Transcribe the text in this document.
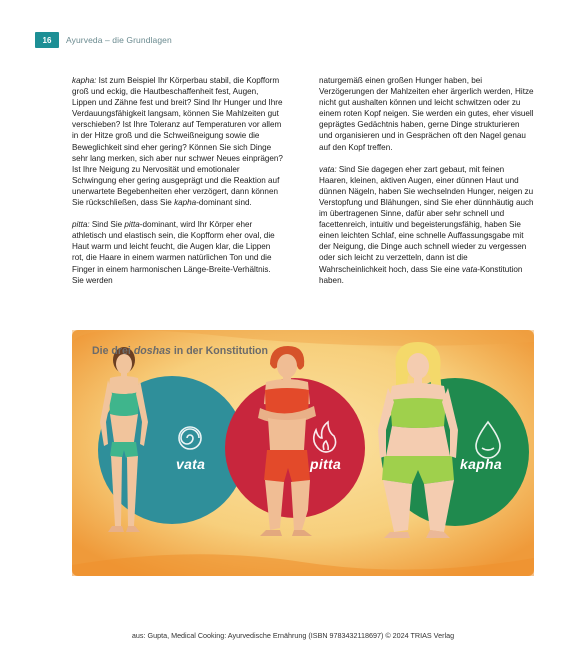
16	Ayurveda – die Grundlagen

kapha: Ist zum Beispiel Ihr Körperbau stabil, die Kopfform groß und eckig, die Hautbeschaffenheit fest, Augen, Lippen und Zähne fest und breit? Sind Ihr Hunger und Ihre Verdauungsfähigkeit langsam, können Sie Mahlzeiten gut verschieben? Ist Ihre Toleranz auf Temperaturen vor allem in der Hitze groß und die Schweißneigung sowie die Beweglichkeit sind eher gering? Können Sie sich Dinge sehr lang merken, sich aber nur schwer Neues einprägen? Ist Ihre Neigung zu Nervosität und emotionaler Schwingung eher gering ausgeprägt und die Reaktion auf unerwartete Begebenheiten eher verzögert, dann können Sie rückschließen, dass Sie kapha-dominant sind.

pitta: Sind Sie pitta-dominant, wird Ihr Körper eher athletisch und elastisch sein, die Kopfform eher oval, die Haut warm und leicht feucht, die Augen klar, die Lippen rot, die Haare in einem warmen natürlichen Ton und die Finger in einem harmonischen Länge-Breite-Verhältnis. Sie werden

naturgemäß einen großen Hunger haben, bei Verzögerungen der Mahlzeiten eher ärgerlich werden, Hitze nicht gut aushalten können und leicht schwitzen oder zu einem roten Kopf neigen. Sie werden ein gutes, eher visuell geprägtes Gedächtnis haben, gerne Dinge strukturieren und organisieren und in Gesprächen oft den Nagel genau auf den Kopf treffen.

vata: Sind Sie dagegen eher zart gebaut, mit feinen Haaren, kleinen, aktiven Augen, einer dünnen Haut und dünnen Nägeln, haben Sie wechselnden Hunger, neigen zu Verstopfung und Blähungen, sind Sie eher dünnhäutig auch im übertragenen Sinne, dafür aber sehr schnell und facettenreich, intuitiv und begeisterungsfähig, haben Sie einen leichten Schlaf, eine schnelle Auffassungsgabe mit der Neigung, die Dinge auch schnell wieder zu vergessen oder sich leicht zu verzetteln, dann ist die Wahrscheinlichkeit hoch, dass Sie eine vata-Konstitution haben.

Die drei doshas in der Konstitution
vata	pitta	kapha
aus: Gupta, Medical Cooking: Ayurvedische Ernährung (ISBN 9783432118697) © 2024 TRIAS Verlag
